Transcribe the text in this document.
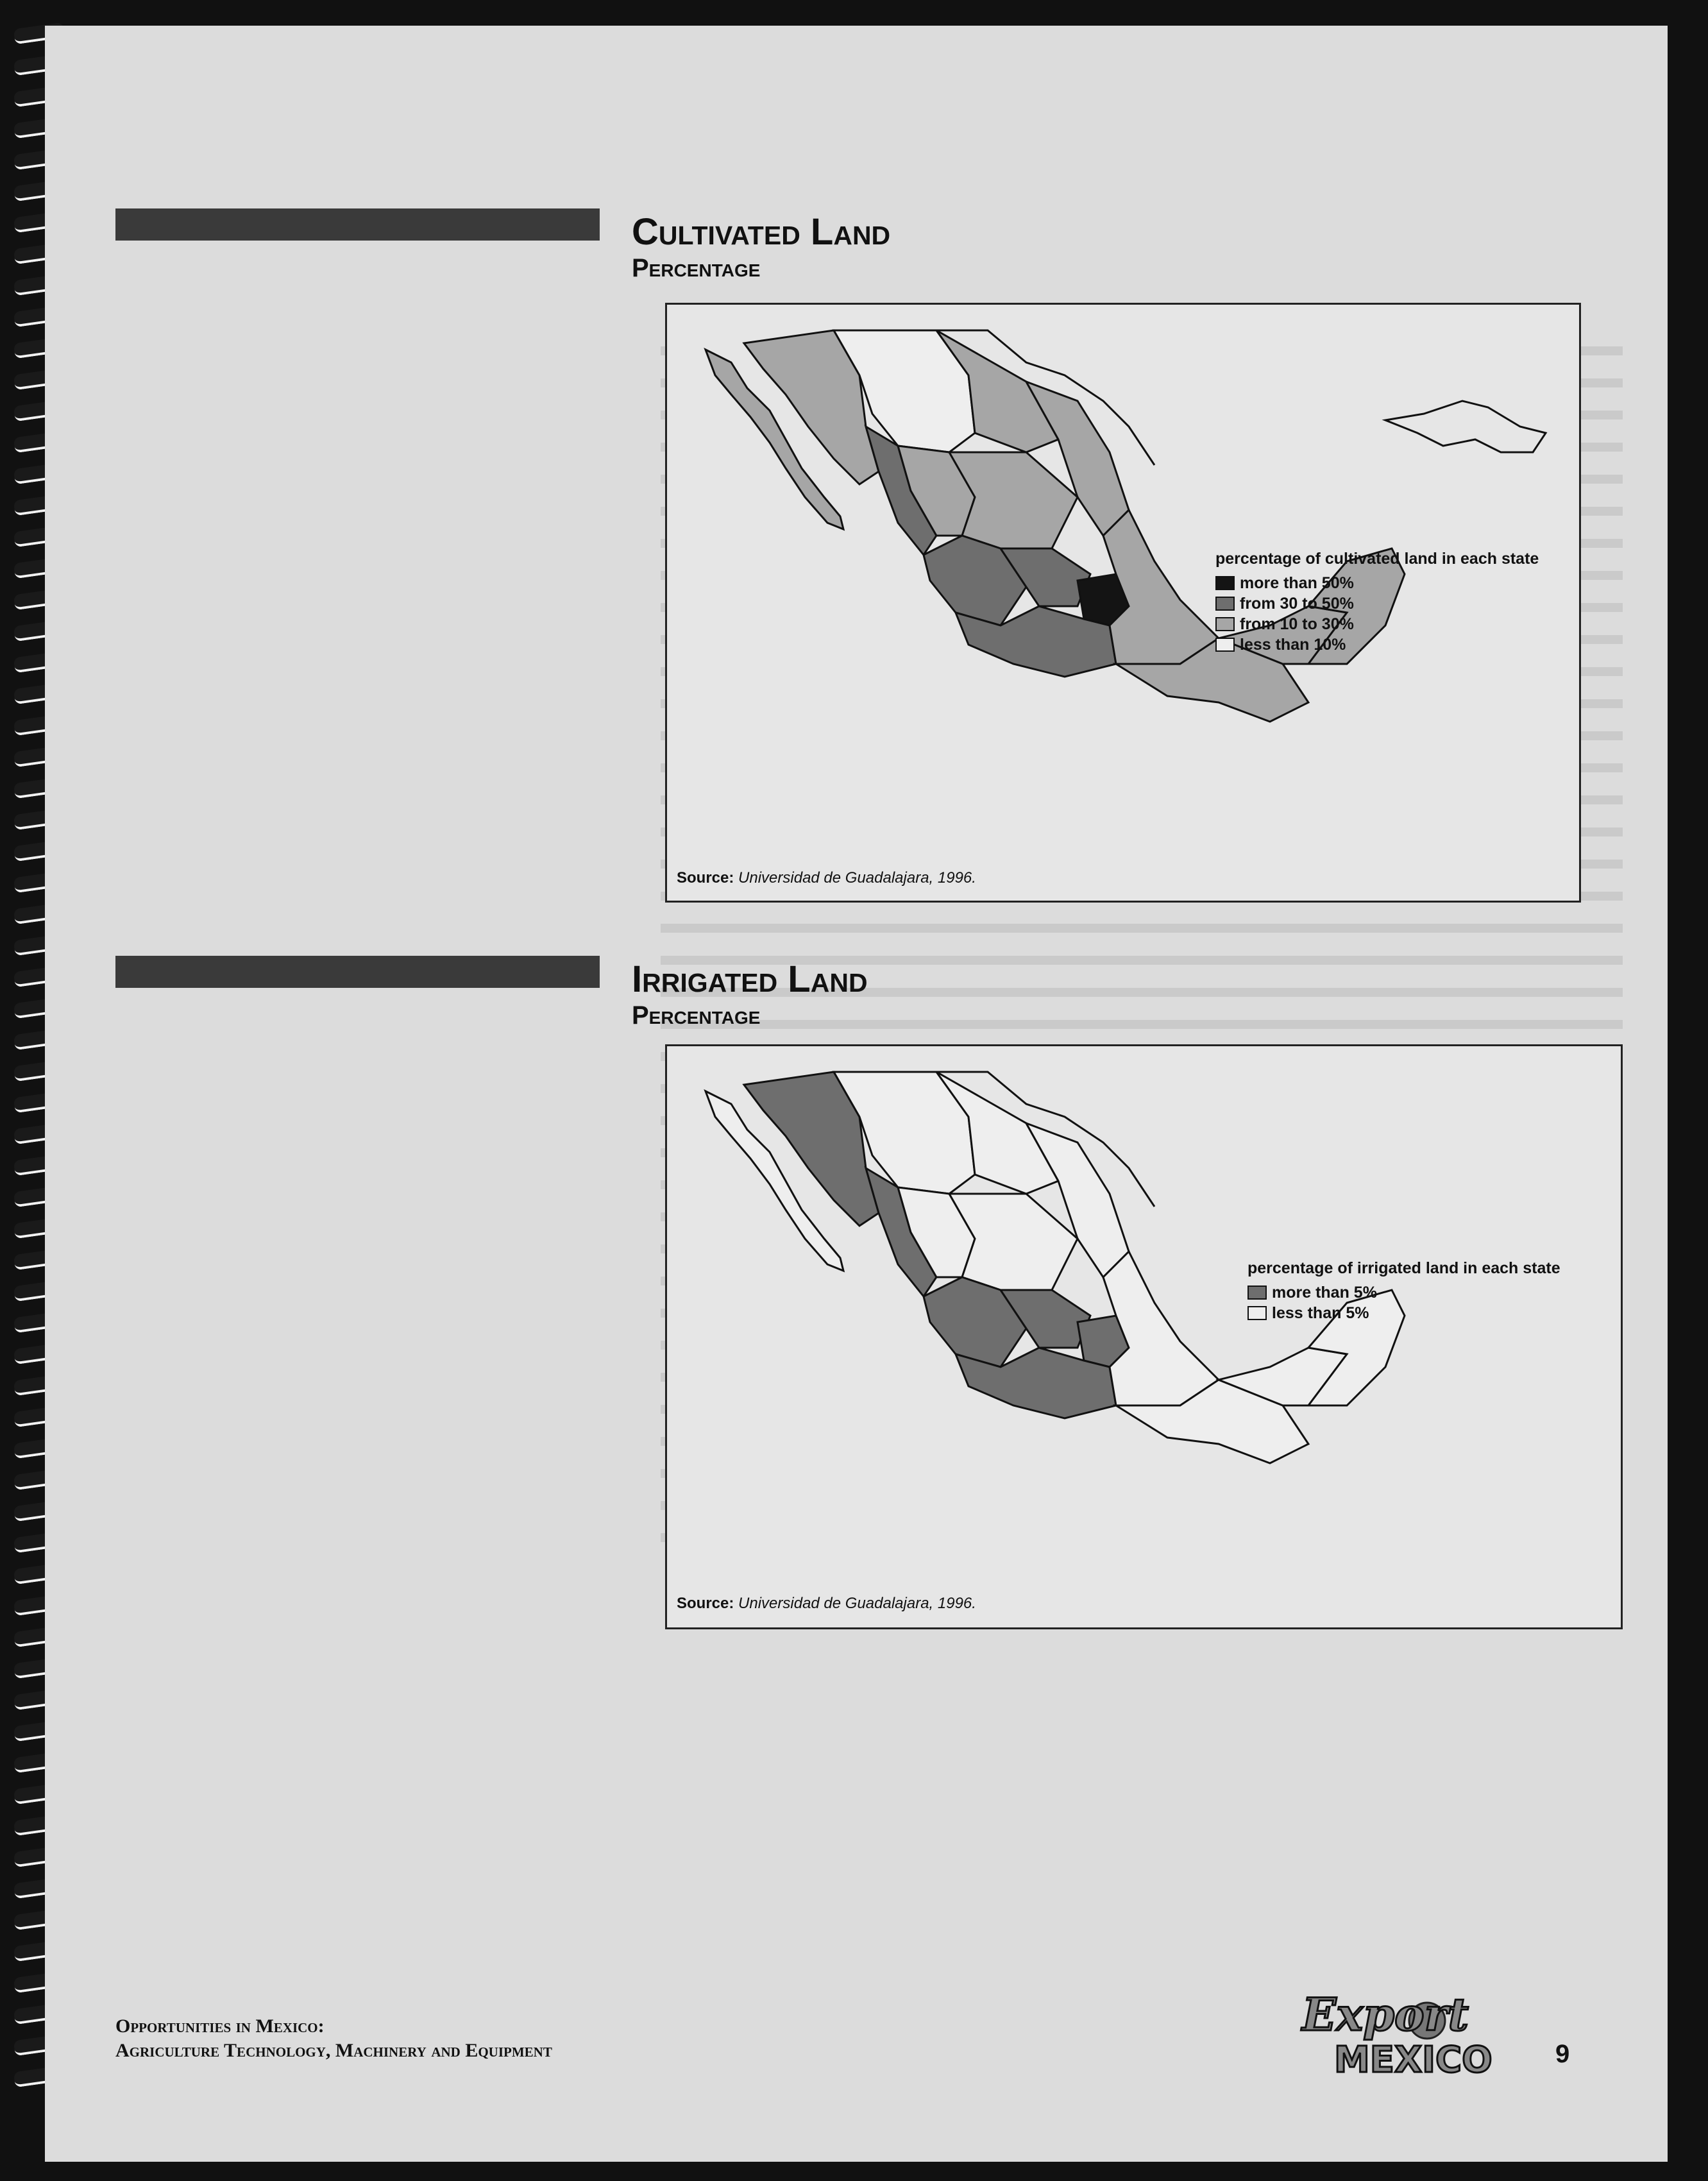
Cultivated Land
Percentage
percentage of cultivated land in each state
more than 50%
from 30 to 50%
from 10 to 30%
less than 10%
Source: Universidad de Guadalajara, 1996.
Irrigated Land
Percentage
percentage of irrigated land in each state
more than 5%
less than 5%
Source: Universidad de Guadalajara, 1996.
Opportunities in Mexico:
Agriculture Technology, Machinery and Equipment
Export
MEXICO 9
